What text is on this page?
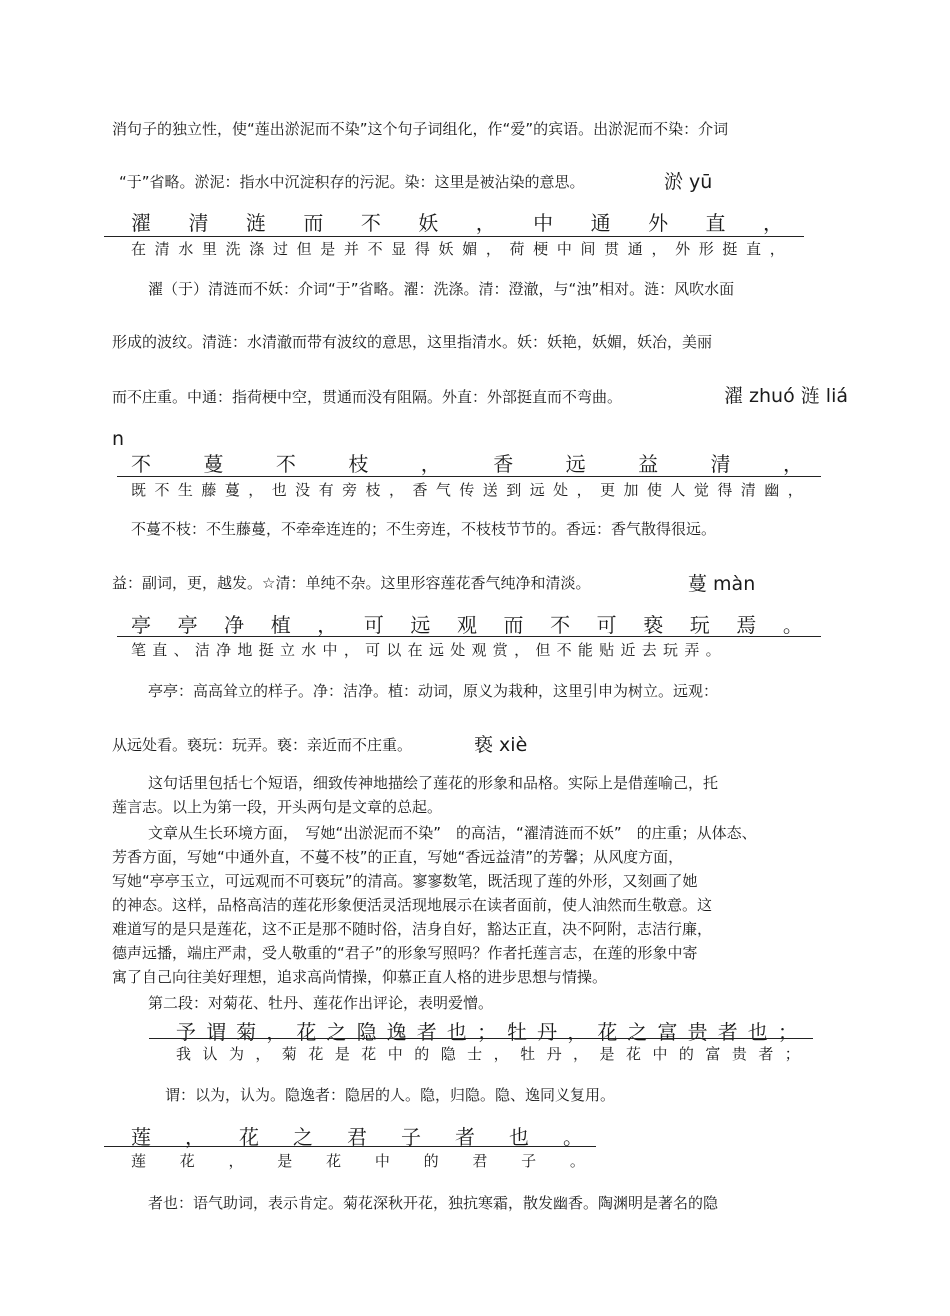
消句子的独立性，使“莲出淤泥而不染”这个句子词组化，作“爱”的宾语。出淤泥而不染：介词
“于”省略。淤泥：指水中沉淀积存的污泥。染：这里是被沾染的意思。	淤 yū
濯 清 涟 而 不 妖 ， 中 通 外 直 ，
在 清 水 里 洗 涤 过 但 是 并 不 显 得 妖 媚 ， 荷 梗 中 间 贯 通 ， 外 形 挺 直 ，
濯（于）清涟而不妖：介词“于”省略。濯：洗涤。清：澄澈，与“浊”相对。涟：风吹水面
形成的波纹。清涟：水清澈而带有波纹的意思，这里指清水。妖：妖艳，妖媚，妖冶，美丽
而不庄重。中通：指荷梗中空，贯通而没有阻隔。外直：外部挺直而不弯曲。	濯 zhuó 涟 liá
n
不	蔓	不	枝	，	香	远	益	清	，
既 不 生 藤 蔓 ， 也 没 有 旁 枝 ， 香 气 传 送 到 远 处 ， 更 加 使 人 觉 得 清 幽 ，
不蔓不枝：不生藤蔓，不牵牵连连的；不生旁连，不枝枝节节的。香远：香气散得很远。
益：副词，更，越发。☆清：单纯不杂。这里形容莲花香气纯净和清淡。	蔓 màn
亭 亭 净 植 ， 可 远 观 而 不 可 亵 玩 焉 。
笔 直 、 洁 净 地 挺 立 水 中 ， 可 以 在 远 处 观 赏 ， 但 不 能 贴 近 去 玩 弄 。
亭亭：高高耸立的样子。净：洁净。植：动词，原义为栽种，这里引申为树立。远观：
从远处看。亵玩：玩弄。亵：亲近而不庄重。	亵 xiè
这句话里包括七个短语，细致传神地描绘了莲花的形象和品格。实际上是借莲喻己，托
莲言志。以上为第一段，开头两句是文章的总起。
文章从生长环境方面，　写她“出淤泥而不染”　的高洁，“濯清涟而不妖”　的庄重；从体态、
芳香方面，写她“中通外直，不蔓不枝”的正直，写她“香远益清”的芳馨；从风度方面，
写她“亭亭玉立，可远观而不可亵玩”的清高。寥寥数笔，既活现了莲的外形，又刻画了她
的神态。这样，品格高洁的莲花形象便活灵活现地展示在读者面前，使人油然而生敬意。这
难道写的是只是莲花，这不正是那不随时俗，洁身自好，豁达正直，决不阿附，志洁行廉，
德声远播，端庄严肃，受人敬重的“君子”的形象写照吗？作者托莲言志，在莲的形象中寄
寓了自己向往美好理想，追求高尚情操，仰慕正直人格的进步思想与情操。
第二段：对菊花、牡丹、莲花作出评论，表明爱憎。
予 谓 菊 ， 花 之 隐 逸 者 也 ； 牡 丹 ， 花 之 富 贵 者 也 ；
我 认 为 ， 菊 花 是 花 中 的 隐 士 ， 牡 丹 ， 是 花 中 的 富 贵 者 ；
谓：以为，认为。隐逸者：隐居的人。隐，归隐。隐、逸同义复用。
莲 ， 花 之 君 子 者 也 。
莲 花 ， 是 花 中 的 君 子 。
者也：语气助词，表示肯定。菊花深秋开花，独抗寒霜，散发幽香。陶渊明是著名的隐
